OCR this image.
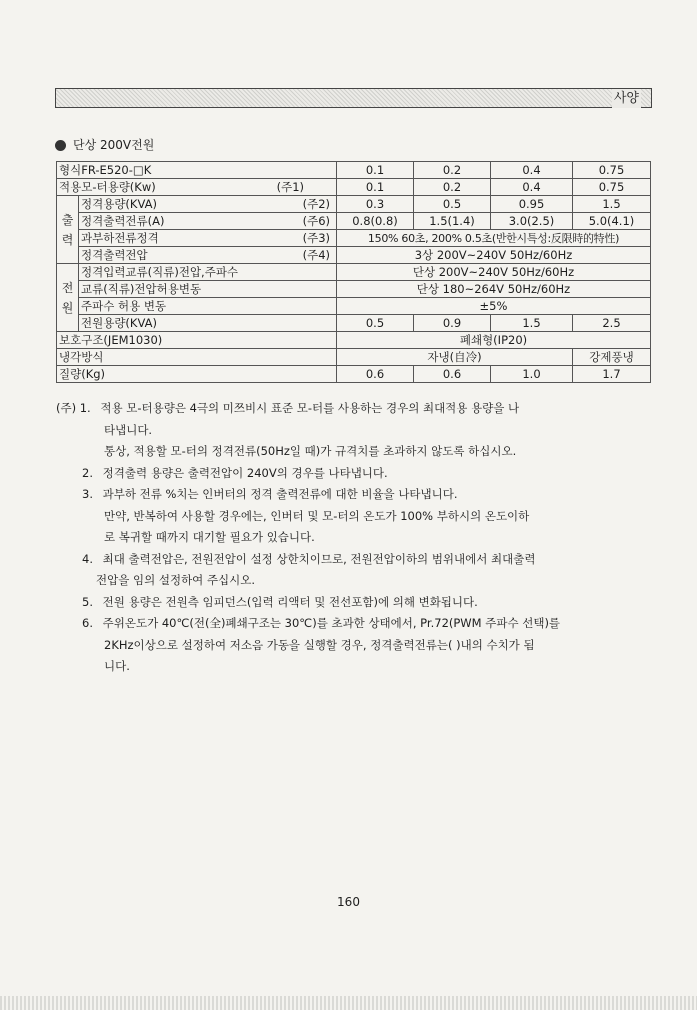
사양
단상 200V전원
형식FR-E520-□K		0.1	0.2	0.4	0.75

적용모-터용량(Kw) (주1)		0.1	0.2	0.4	0.75
출 력	정격용량(KVA) (주2)	0.3	0.5	0.95	1.5

	정격출력전류(A) (주6)	0.8(0.8)	1.5(1.4)	3.0(2.5)	5.0(4.1)

	과부하전류정격 (주3)	150% 60초, 200% 0.5초(반한시특성:反限時的特性)			

	정격출력전압 (주4)	3상 200V~240V 50Hz/60Hz			
전 원	정격입력교류(직류)전압,주파수	단상 200V~240V 50Hz/60Hz			
	교류(직류)전압허용변동	단상 180~264V 50Hz/60Hz			
	주파수 허용 변동	±5%			
	전원용량(KVA)	0.5	0.9	1.5	2.5
보호구조(JEM1030)		폐쇄형(IP20)			
냉각방식		자냉(自冷)			강제풍냉
질량(Kg)		0.6	0.6	1.0	1.7
(주) 1. 적용 모-터용량은 4극의 미쯔비시 표준 모-터를 사용하는 경우의 최대적용 용량을 나
타냅니다.
통상, 적용할 모-터의 정격전류(50Hz일 때)가 규격치를 초과하지 않도록 하십시오.
2. 정격출력 용량은 출력전압이 240V의 경우를 나타냅니다.
3. 과부하 전류 %치는 인버터의 정격 출력전류에 대한 비율을 나타냅니다.
만약, 반복하여 사용할 경우에는, 인버터 및 모-터의 온도가 100% 부하시의 온도이하
로 복귀할 때까지 대기할 필요가 있습니다.
4. 최대 출력전압은, 전원전압이 설정 상한치이므로, 전원전압이하의 범위내에서 최대출력
전압을 임의 설정하여 주십시오.
5. 전원 용량은 전원측 임피던스(입력 리액터 및 전선포함)에 의해 변화됩니다.
6. 주위온도가 40℃(전(全)폐쇄구조는 30℃)를 초과한 상태에서, Pr.72(PWM 주파수 선택)를
2KHz이상으로 설정하여 저소음 가동을 실행할 경우, 정격출력전류는( )내의 수치가 됨
니다.
160
